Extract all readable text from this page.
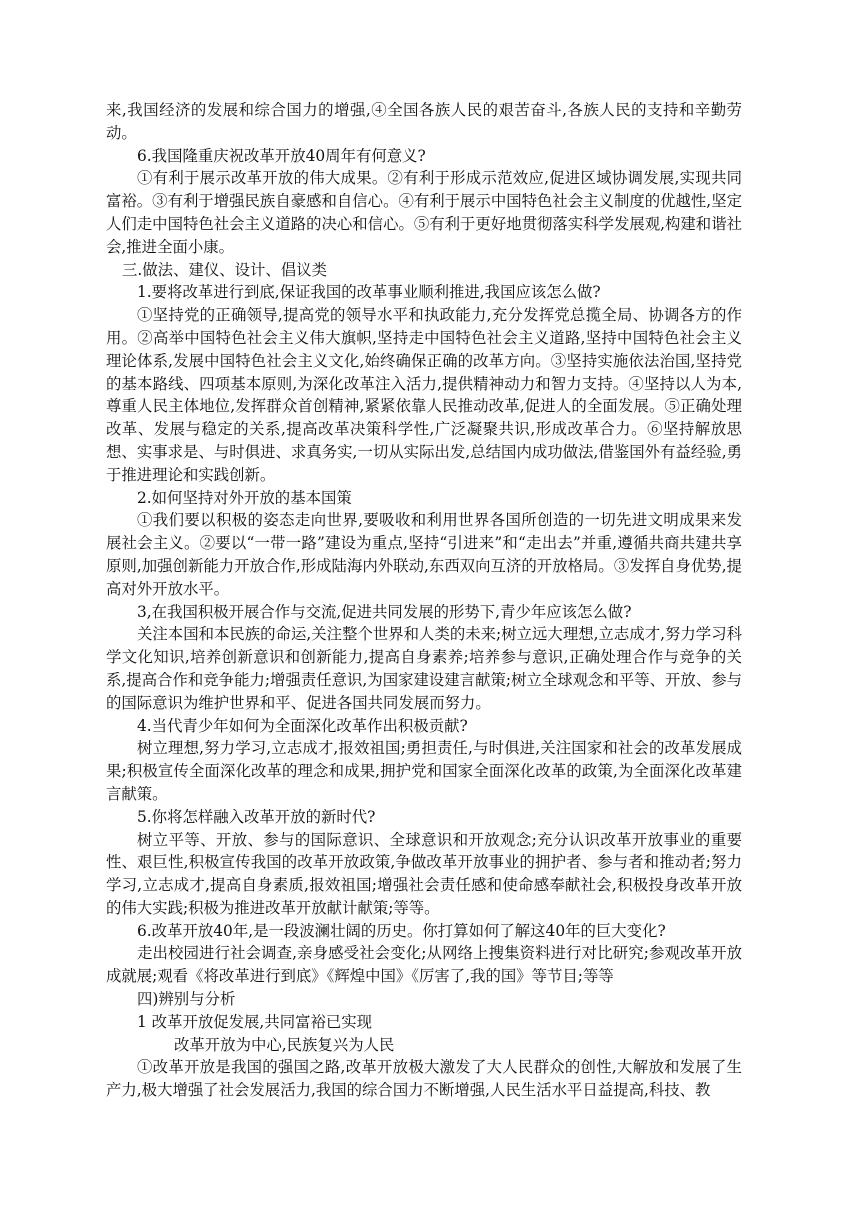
来,我国经济的发展和综合国力的增强,④全国各族人民的艰苦奋斗,各族人民的支持和辛勤劳动。

6.我国隆重庆祝改革开放40周年有何意义?

①有利于展示改革开放的伟大成果。②有利于形成示范效应,促进区域协调发展,实现共同富裕。③有利于增强民族自豪感和自信心。④有利于展示中国特色社会主义制度的优越性,坚定人们走中国特色社会主义道路的决心和信心。⑤有利于更好地贯彻落实科学发展观,构建和谐社会,推进全面小康。

三.做法、建仪、设计、倡议类

1.要将改革进行到底,保证我国的改革事业顺利推进,我国应该怎么做?

①坚持党的正确领导,提高党的领导水平和执政能力,充分发挥党总揽全局、协调各方的作用。②高举中国特色社会主义伟大旗帜,坚持走中国特色社会主义道路,坚持中国特色社会主义理论体系,发展中国特色社会主义文化,始终确保正确的改革方向。③坚持实施依法治国,坚持党的基本路线、四项基本原则,为深化改革注入活力,提供精神动力和智力支持。④坚持以人为本,尊重人民主体地位,发挥群众首创精神,紧紧依靠人民推动改革,促进人的全面发展。⑤正确处理改革、发展与稳定的关系,提高改革决策科学性,广泛凝聚共识,形成改革合力。⑥坚持解放思想、实事求是、与时俱进、求真务实,一切从实际出发,总结国内成功做法,借鉴国外有益经验,勇于推进理论和实践创新。

2.如何坚持对外开放的基本国策

①我们要以积极的姿态走向世界,要吸收和利用世界各国所创造的一切先进文明成果来发展社会主义。②要以“一带一路”建设为重点,坚持“引进来”和“走出去”并重,遵循共商共建共享原则,加强创新能力开放合作,形成陆海内外联动,东西双向互济的开放格局。③发挥自身优势,提高对外开放水平。

3,在我国积极开展合作与交流,促进共同发展的形势下,青少年应该怎么做?

关注本国和本民族的命运,关注整个世界和人类的未来;树立远大理想,立志成才,努力学习科学文化知识,培养创新意识和创新能力,提高自身素养;培养参与意识,正确处理合作与竞争的关系,提高合作和竞争能力;增强责任意识,为国家建设建言献策;树立全球观念和平等、开放、参与的国际意识为维护世界和平、促进各国共同发展而努力。

4.当代青少年如何为全面深化改革作出积极贡献?

树立理想,努力学习,立志成才,报效祖国;勇担责任,与时俱进,关注国家和社会的改革发展成果;积极宣传全面深化改革的理念和成果,拥护党和国家全面深化改革的政策,为全面深化改革建言献策。

5.你将怎样融入改革开放的新时代?

树立平等、开放、参与的国际意识、全球意识和开放观念;充分认识改革开放事业的重要性、艰巨性,积极宣传我国的改革开放政策,争做改革开放事业的拥护者、参与者和推动者;努力学习,立志成才,提高自身素质,报效祖国;增强社会责任感和使命感奉献社会,积极投身改革开放的伟大实践;积极为推进改革开放献计献策;等等。

6.改革开放40年,是一段波澜壮阔的历史。你打算如何了解这40年的巨大变化?

走出校园进行社会调查,亲身感受社会变化;从网络上搜集资料进行对比研究;参观改革开放成就展;观看《将改革进行到底》《辉煌中国》《厉害了,我的国》等节目;等等

四)辨别与分析

1 改革开放促发展,共同富裕已实现

改革开放为中心,民族复兴为人民

①改革开放是我国的强国之路,改革开放极大激发了大人民群众的创性,大解放和发展了生产力,极大增强了社会发展活力,我国的综合国力不断增强,人民生活水平日益提高,科技、教
